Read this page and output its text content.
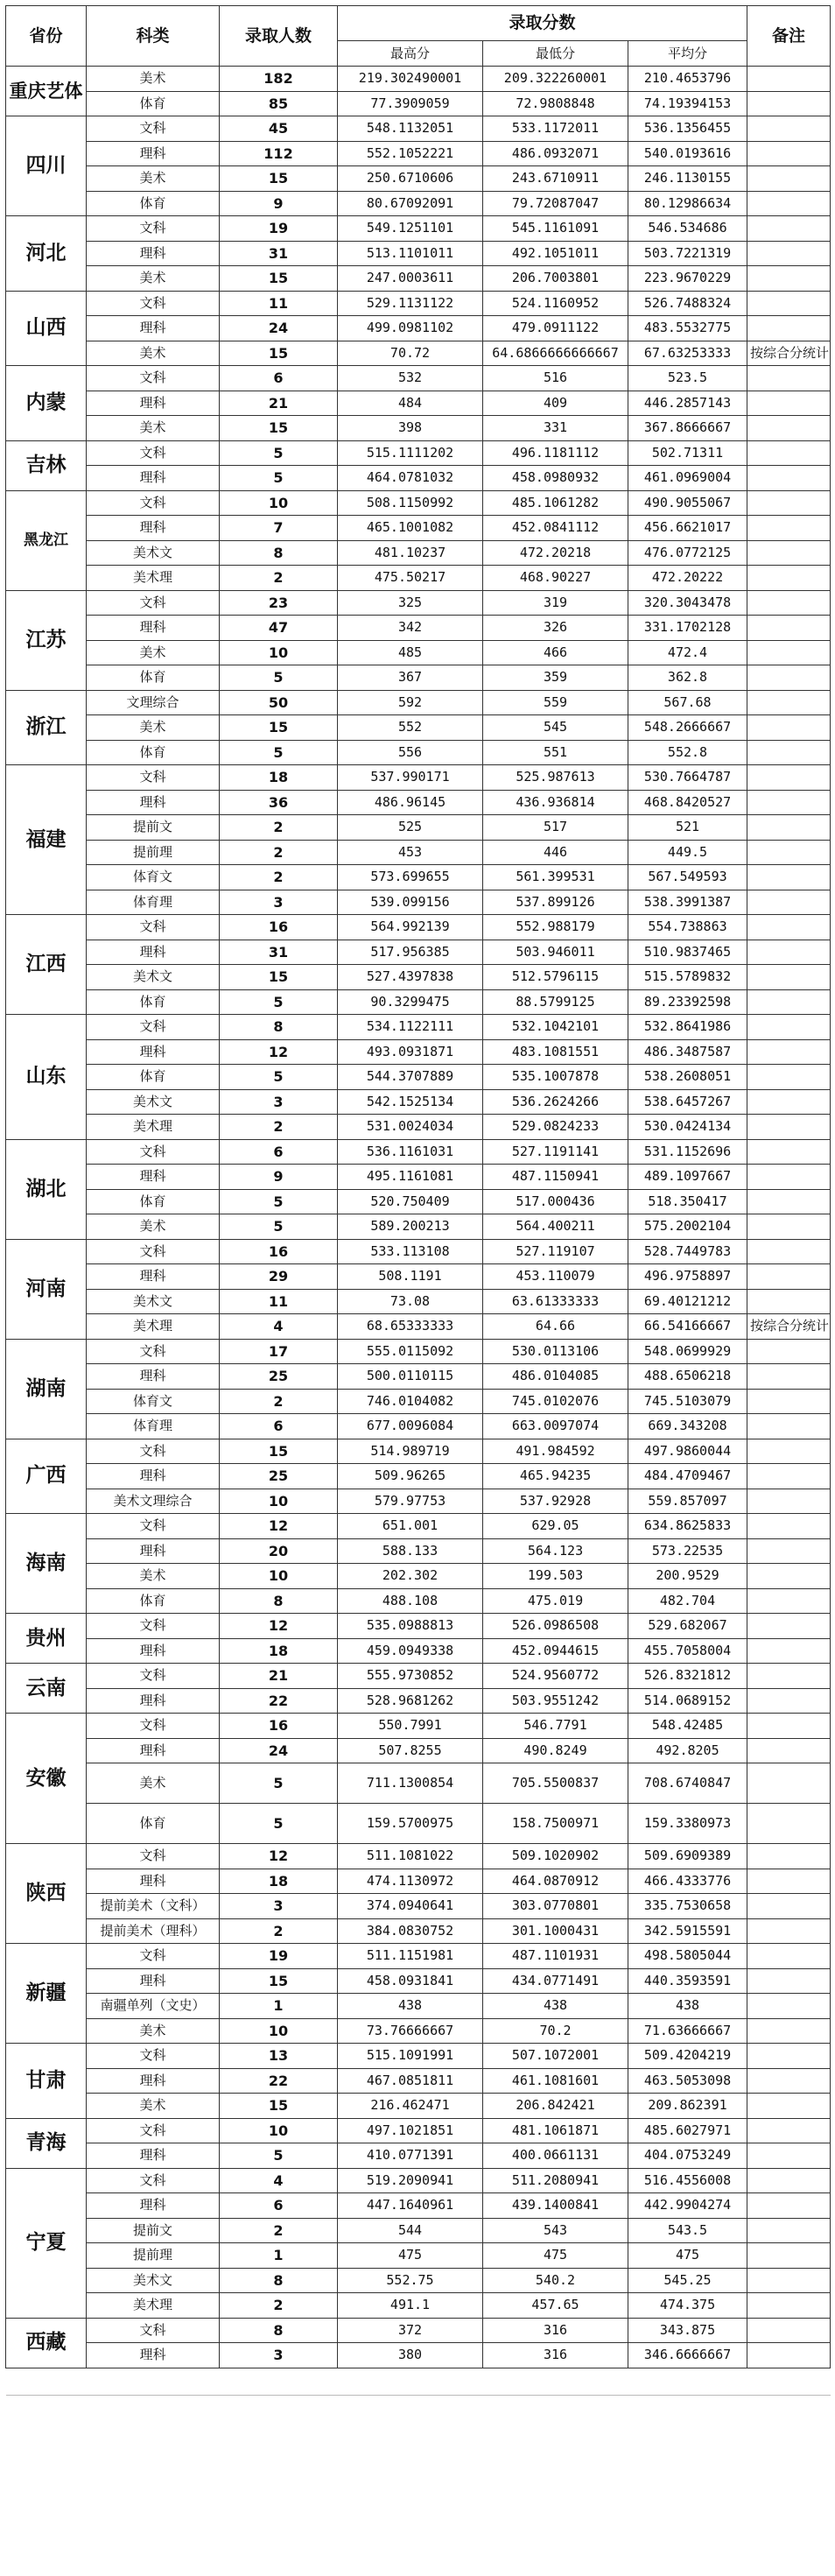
省份	科类	录取人数	录取分数			备注
			最高分	最低分	平均分	
重庆艺体	美术	182	219.302490001	209.322260001	210.4653796	
	体育	85	77.3909059	72.9808848	74.19394153	
四川	文科	45	548.1132051	533.1172011	536.1356455	
	理科	112	552.1052221	486.0932071	540.0193616	
	美术	15	250.6710606	243.6710911	246.1130155	
	体育	9	80.67092091	79.72087047	80.12986634	
河北	文科	19	549.1251101	545.1161091	546.534686	
	理科	31	513.1101011	492.1051011	503.7221319	
	美术	15	247.0003611	206.7003801	223.9670229	
山西	文科	11	529.1131122	524.1160952	526.7488324	
	理科	24	499.0981102	479.0911122	483.5532775	
	美术	15	70.72	64.6866666666667	67.63253333	按综合分统计
内蒙	文科	6	532	516	523.5	
	理科	21	484	409	446.2857143	
	美术	15	398	331	367.8666667	
吉林	文科	5	515.1111202	496.1181112	502.71311	
	理科	5	464.0781032	458.0980932	461.0969004	
黑龙江	文科	10	508.1150992	485.1061282	490.9055067	
	理科	7	465.1001082	452.0841112	456.6621017	
	美术文	8	481.10237	472.20218	476.0772125	
	美术理	2	475.50217	468.90227	472.20222	
江苏	文科	23	325	319	320.3043478	
	理科	47	342	326	331.1702128	
	美术	10	485	466	472.4	
	体育	5	367	359	362.8	
浙江	文理综合	50	592	559	567.68	
	美术	15	552	545	548.2666667	
	体育	5	556	551	552.8	
福建	文科	18	537.990171	525.987613	530.7664787	
	理科	36	486.96145	436.936814	468.8420527	
	提前文	2	525	517	521	
	提前理	2	453	446	449.5	
	体育文	2	573.699655	561.399531	567.549593	
	体育理	3	539.099156	537.899126	538.3991387	
江西	文科	16	564.992139	552.988179	554.738863	
	理科	31	517.956385	503.946011	510.9837465	
	美术文	15	527.4397838	512.5796115	515.5789832	
	体育	5	90.3299475	88.5799125	89.23392598	
山东	文科	8	534.1122111	532.1042101	532.8641986	
	理科	12	493.0931871	483.1081551	486.3487587	
	体育	5	544.3707889	535.1007878	538.2608051	
	美术文	3	542.1525134	536.2624266	538.6457267	
	美术理	2	531.0024034	529.0824233	530.0424134	
湖北	文科	6	536.1161031	527.1191141	531.1152696	
	理科	9	495.1161081	487.1150941	489.1097667	
	体育	5	520.750409	517.000436	518.350417	
	美术	5	589.200213	564.400211	575.2002104	
河南	文科	16	533.113108	527.119107	528.7449783	
	理科	29	508.1191	453.110079	496.9758897	
	美术文	11	73.08	63.61333333	69.40121212	
	美术理	4	68.65333333	64.66	66.54166667	按综合分统计
湖南	文科	17	555.0115092	530.0113106	548.0699929	
	理科	25	500.0110115	486.0104085	488.6506218	
	体育文	2	746.0104082	745.0102076	745.5103079	
	体育理	6	677.0096084	663.0097074	669.343208	
广西	文科	15	514.989719	491.984592	497.9860044	
	理科	25	509.96265	465.94235	484.4709467	
	美术文理综合	10	579.97753	537.92928	559.857097	
海南	文科	12	651.001	629.05	634.8625833	
	理科	20	588.133	564.123	573.22535	
	美术	10	202.302	199.503	200.9529	
	体育	8	488.108	475.019	482.704	
贵州	文科	12	535.0988813	526.0986508	529.682067	
	理科	18	459.0949338	452.0944615	455.7058004	
云南	文科	21	555.9730852	524.9560772	526.8321812	
	理科	22	528.9681262	503.9551242	514.0689152	
安徽	文科	16	550.7991	546.7791	548.42485	
	理科	24	507.8255	490.8249	492.8205	
	美术	5	711.1300854	705.5500837	708.6740847	
	体育	5	159.5700975	158.7500971	159.3380973	
陕西	文科	12	511.1081022	509.1020902	509.6909389	
	理科	18	474.1130972	464.0870912	466.4333776	
	提前美术（文科）	3	374.0940641	303.0770801	335.7530658	
	提前美术（理科）	2	384.0830752	301.1000431	342.5915591	
新疆	文科	19	511.1151981	487.1101931	498.5805044	
	理科	15	458.0931841	434.0771491	440.3593591	
	南疆单列（文史）	1	438	438	438	
	美术	10	73.76666667	70.2	71.63666667	
甘肃	文科	13	515.1091991	507.1072001	509.4204219	
	理科	22	467.0851811	461.1081601	463.5053098	
	美术	15	216.462471	206.842421	209.862391	
青海	文科	10	497.1021851	481.1061871	485.6027971	
	理科	5	410.0771391	400.0661131	404.0753249	
宁夏	文科	4	519.2090941	511.2080941	516.4556008	
	理科	6	447.1640961	439.1400841	442.9904274	
	提前文	2	544	543	543.5	
	提前理	1	475	475	475	
	美术文	8	552.75	540.2	545.25	
	美术理	2	491.1	457.65	474.375	
西藏	文科	8	372	316	343.875	
	理科	3	380	316	346.6666667	
